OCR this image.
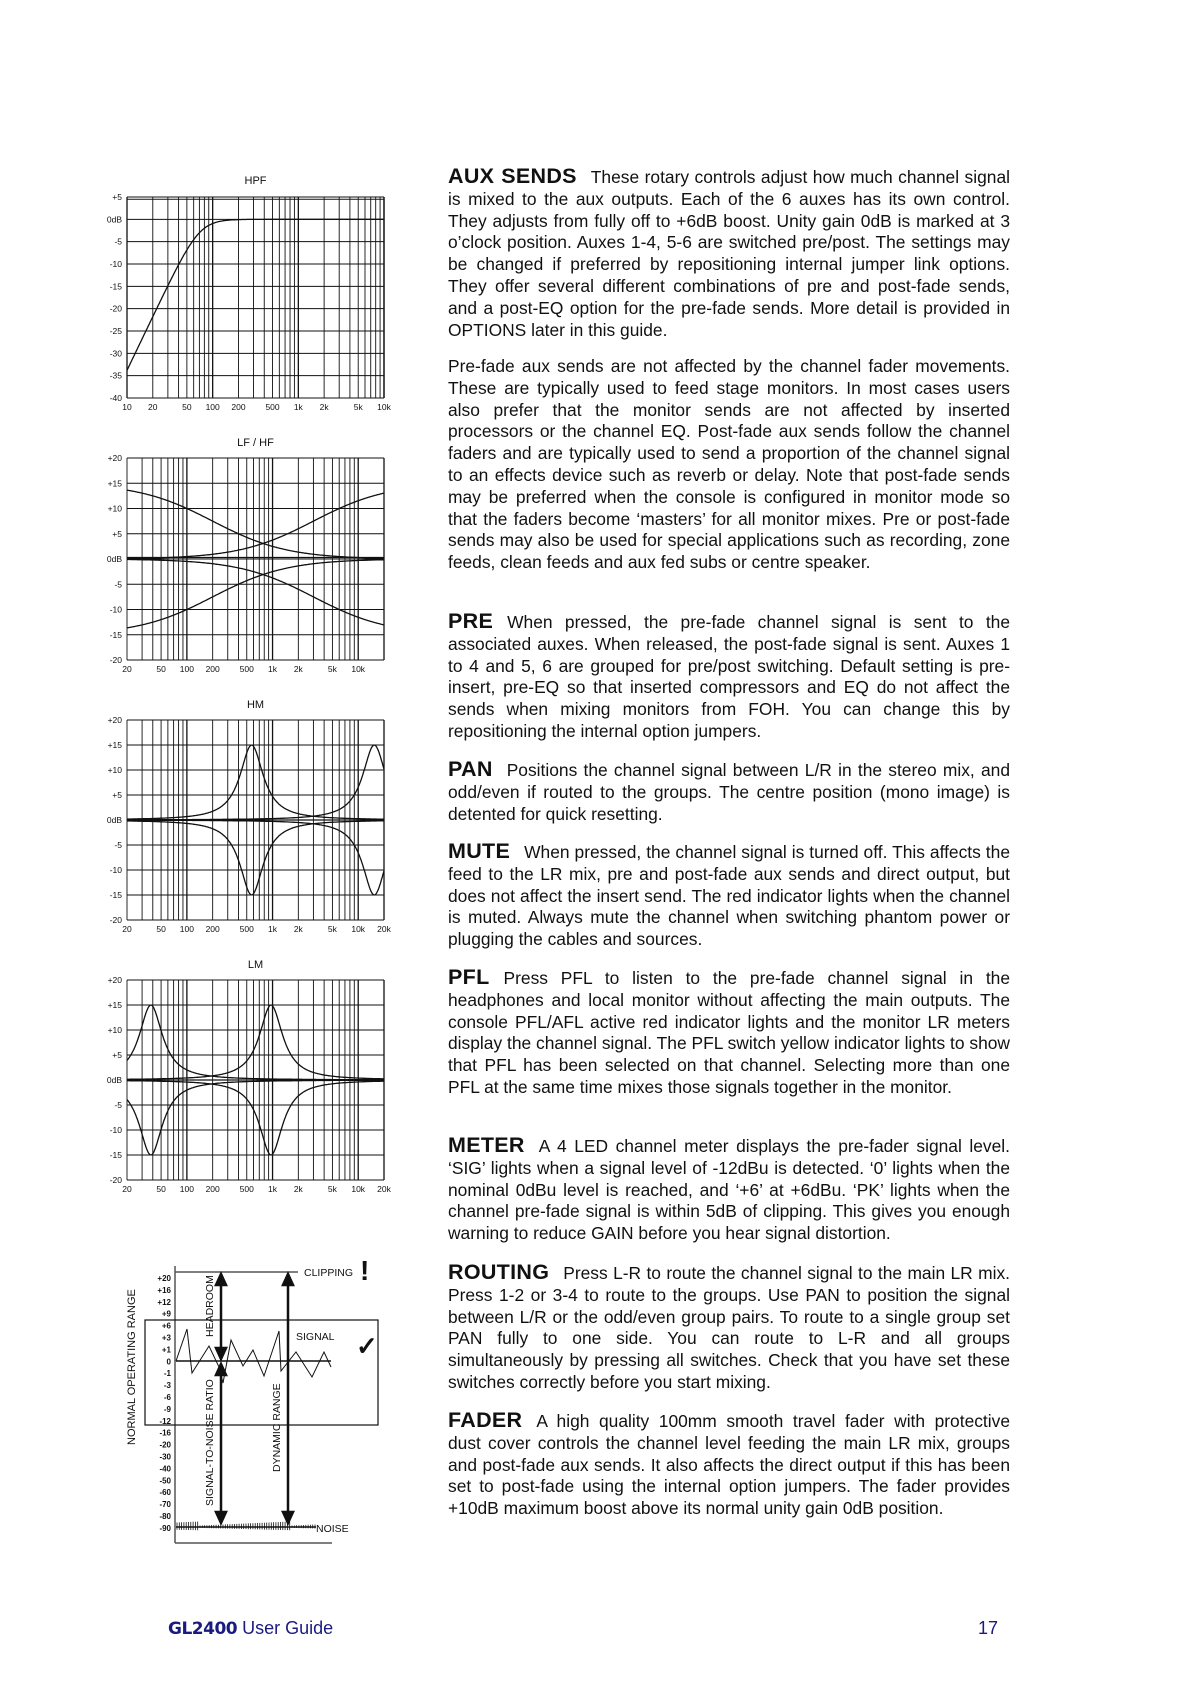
HPF
+5
0dB
-5
-10
-15
-20
-25
-30
-35
-40
10 20	50 100 200 500 1k 2k	5k 10k
LF / HF
+20
+15
+10
+5
0dB
-5
-10
-15
-20
20	50 100 200 500 1k 2k	5k 10k
HM
+20
+15
+10
+5
0dB
-5
-10
-15
-20
20	50 100 200 500 1k 2k	5k 10k 20k
LM
+20
+15
+10
+5
0dB
-5
-10
-15
-20
20	50 100 200 500 1k 2k	5k 10k 20k
+20
+16
+12
+9
+6
+3
+1
0
-1
-3
-6
-9
-12
-16
-20
-30
-40
-50
-60
-70
-80
-90
NORMAL OPERATING RANGE	HEADROOM
SIGNAL-TO-NOISE RATIO	DYNAMIC RANGE
CLIPPING !
SIGNAL ✓
NOISE

AUX SENDS These rotary controls adjust how much channel signal is mixed to the aux outputs. Each of the 6 auxes has its own control. They adjusts from fully off to +6dB boost. Unity gain 0dB is marked at 3 o’clock position. Auxes 1-4, 5-6 are switched pre/post. The settings may be changed if preferred by repositioning internal jumper link options. They offer several different combinations of pre and post-fade sends, and a post-EQ option for the pre-fade sends. More detail is provided in OPTIONS later in this guide.

Pre-fade aux sends are not affected by the channel fader movements. These are typically used to feed stage monitors. In most cases users also prefer that the monitor sends are not affected by inserted processors or the channel EQ. Post-fade aux sends follow the channel faders and are typically used to send a proportion of the channel signal to an effects device such as reverb or delay. Note that post-fade sends may be preferred when the console is configured in monitor mode so that the faders become ‘masters’ for all monitor mixes. Pre or post-fade sends may also be used for special applications such as recording, zone feeds, clean feeds and aux fed subs or centre speaker.

PRE When pressed, the pre-fade channel signal is sent to the associated auxes. When released, the post-fade signal is sent. Auxes 1 to 4 and 5, 6 are grouped for pre/post switching. Default setting is pre-insert, pre-EQ so that inserted compressors and EQ do not affect the sends when mixing monitors from FOH. You can change this by repositioning the internal option jumpers.

PAN Positions the channel signal between L/R in the stereo mix, and odd/even if routed to the groups. The centre position (mono image) is detented for quick resetting.

MUTE When pressed, the channel signal is turned off. This affects the feed to the LR mix, pre and post-fade aux sends and direct output, but does not affect the insert send. The red indicator lights when the channel is muted. Always mute the channel when switching phantom power or plugging the cables and sources.

PFL Press PFL to listen to the pre-fade channel signal in the headphones and local monitor without affecting the main outputs. The console PFL/AFL active red indicator lights and the monitor LR meters display the channel signal. The PFL switch yellow indicator lights to show that PFL has been selected on that channel. Selecting more than one PFL at the same time mixes those signals together in the monitor.

METER A 4 LED channel meter displays the pre-fader signal level. ‘SIG’ lights when a signal level of -12dBu is detected. ‘0’ lights when the nominal 0dBu level is reached, and ‘+6’ at +6dBu. ‘PK’ lights when the channel pre-fade signal is within 5dB of clipping. This gives you enough warning to reduce GAIN before you hear signal distortion.

ROUTING Press L-R to route the channel signal to the main LR mix. Press 1-2 or 3-4 to route to the groups. Use PAN to position the signal between L/R or the odd/even group pairs. To route to a single group set PAN fully to one side. You can route to L-R and all groups simultaneously by pressing all switches. Check that you have set these switches correctly before you start mixing.

FADER A high quality 100mm smooth travel fader with protective dust cover controls the channel level feeding the main LR mix, groups and post-fade aux sends. It also affects the direct output if this has been set to post-fade using the internal option jumpers. The fader provides +10dB maximum boost above its normal unity gain 0dB position.

GL2400 User Guide	17
